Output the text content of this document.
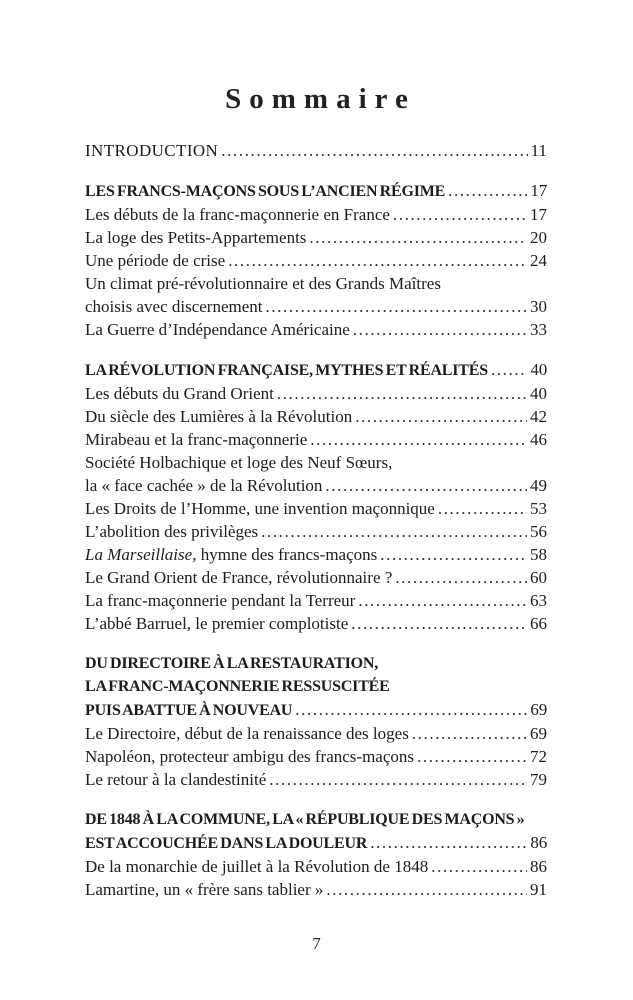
Sommaire
INTRODUCTION .....	11
LES FRANCS-MAÇONS SOUS L’ANCIEN RÉGIME .....	17
Les débuts de la franc-maçonnerie en France .....	17
La loge des Petits-Appartements .....	20
Une période de crise .....	24
Un climat pré-révolutionnaire et des Grands Maîtres
choisis avec discernement .....	30
La Guerre d’Indépendance Américaine .....	33
LA RÉVOLUTION FRANÇAISE, MYTHES ET RÉALITÉS ..... 40
Les débuts du Grand Orient .....	40
Du siècle des Lumières à la Révolution .....	42
Mirabeau et la franc-maçonnerie .....	46
Société Holbachique et loge des Neuf Sœurs,
la « face cachée » de la Révolution .....	49
Les Droits de l’Homme, une invention maçonnique .....	53
L’abolition des privilèges .....	56
La Marseillaise , hymne des francs-maçons .....	58
Le Grand Orient de France, révolutionnaire ? .....	60
La franc-maçonnerie pendant la Terreur .....	63
L’abbé Barruel, le premier complotiste .....	66
DU DIRECTOIRE À LA RESTAURATION,
LA FRANC-MAÇONNERIE RESSUSCITÉE
PUIS ABATTUE À NOUVEAU .....	69
Le Directoire, début de la renaissance des loges .....	69
Napoléon, protecteur ambigu des francs-maçons .....	72
Le retour à la clandestinité .....	79
DE 1848 À LA COMMUNE, LA « RÉPUBLIQUE DES MAÇONS »
EST ACCOUCHÉE DANS LA DOULEUR .....	86
De la monarchie de juillet à la Révolution de 1848 .....	86
Lamartine, un « frère sans tablier » .....	91
7
